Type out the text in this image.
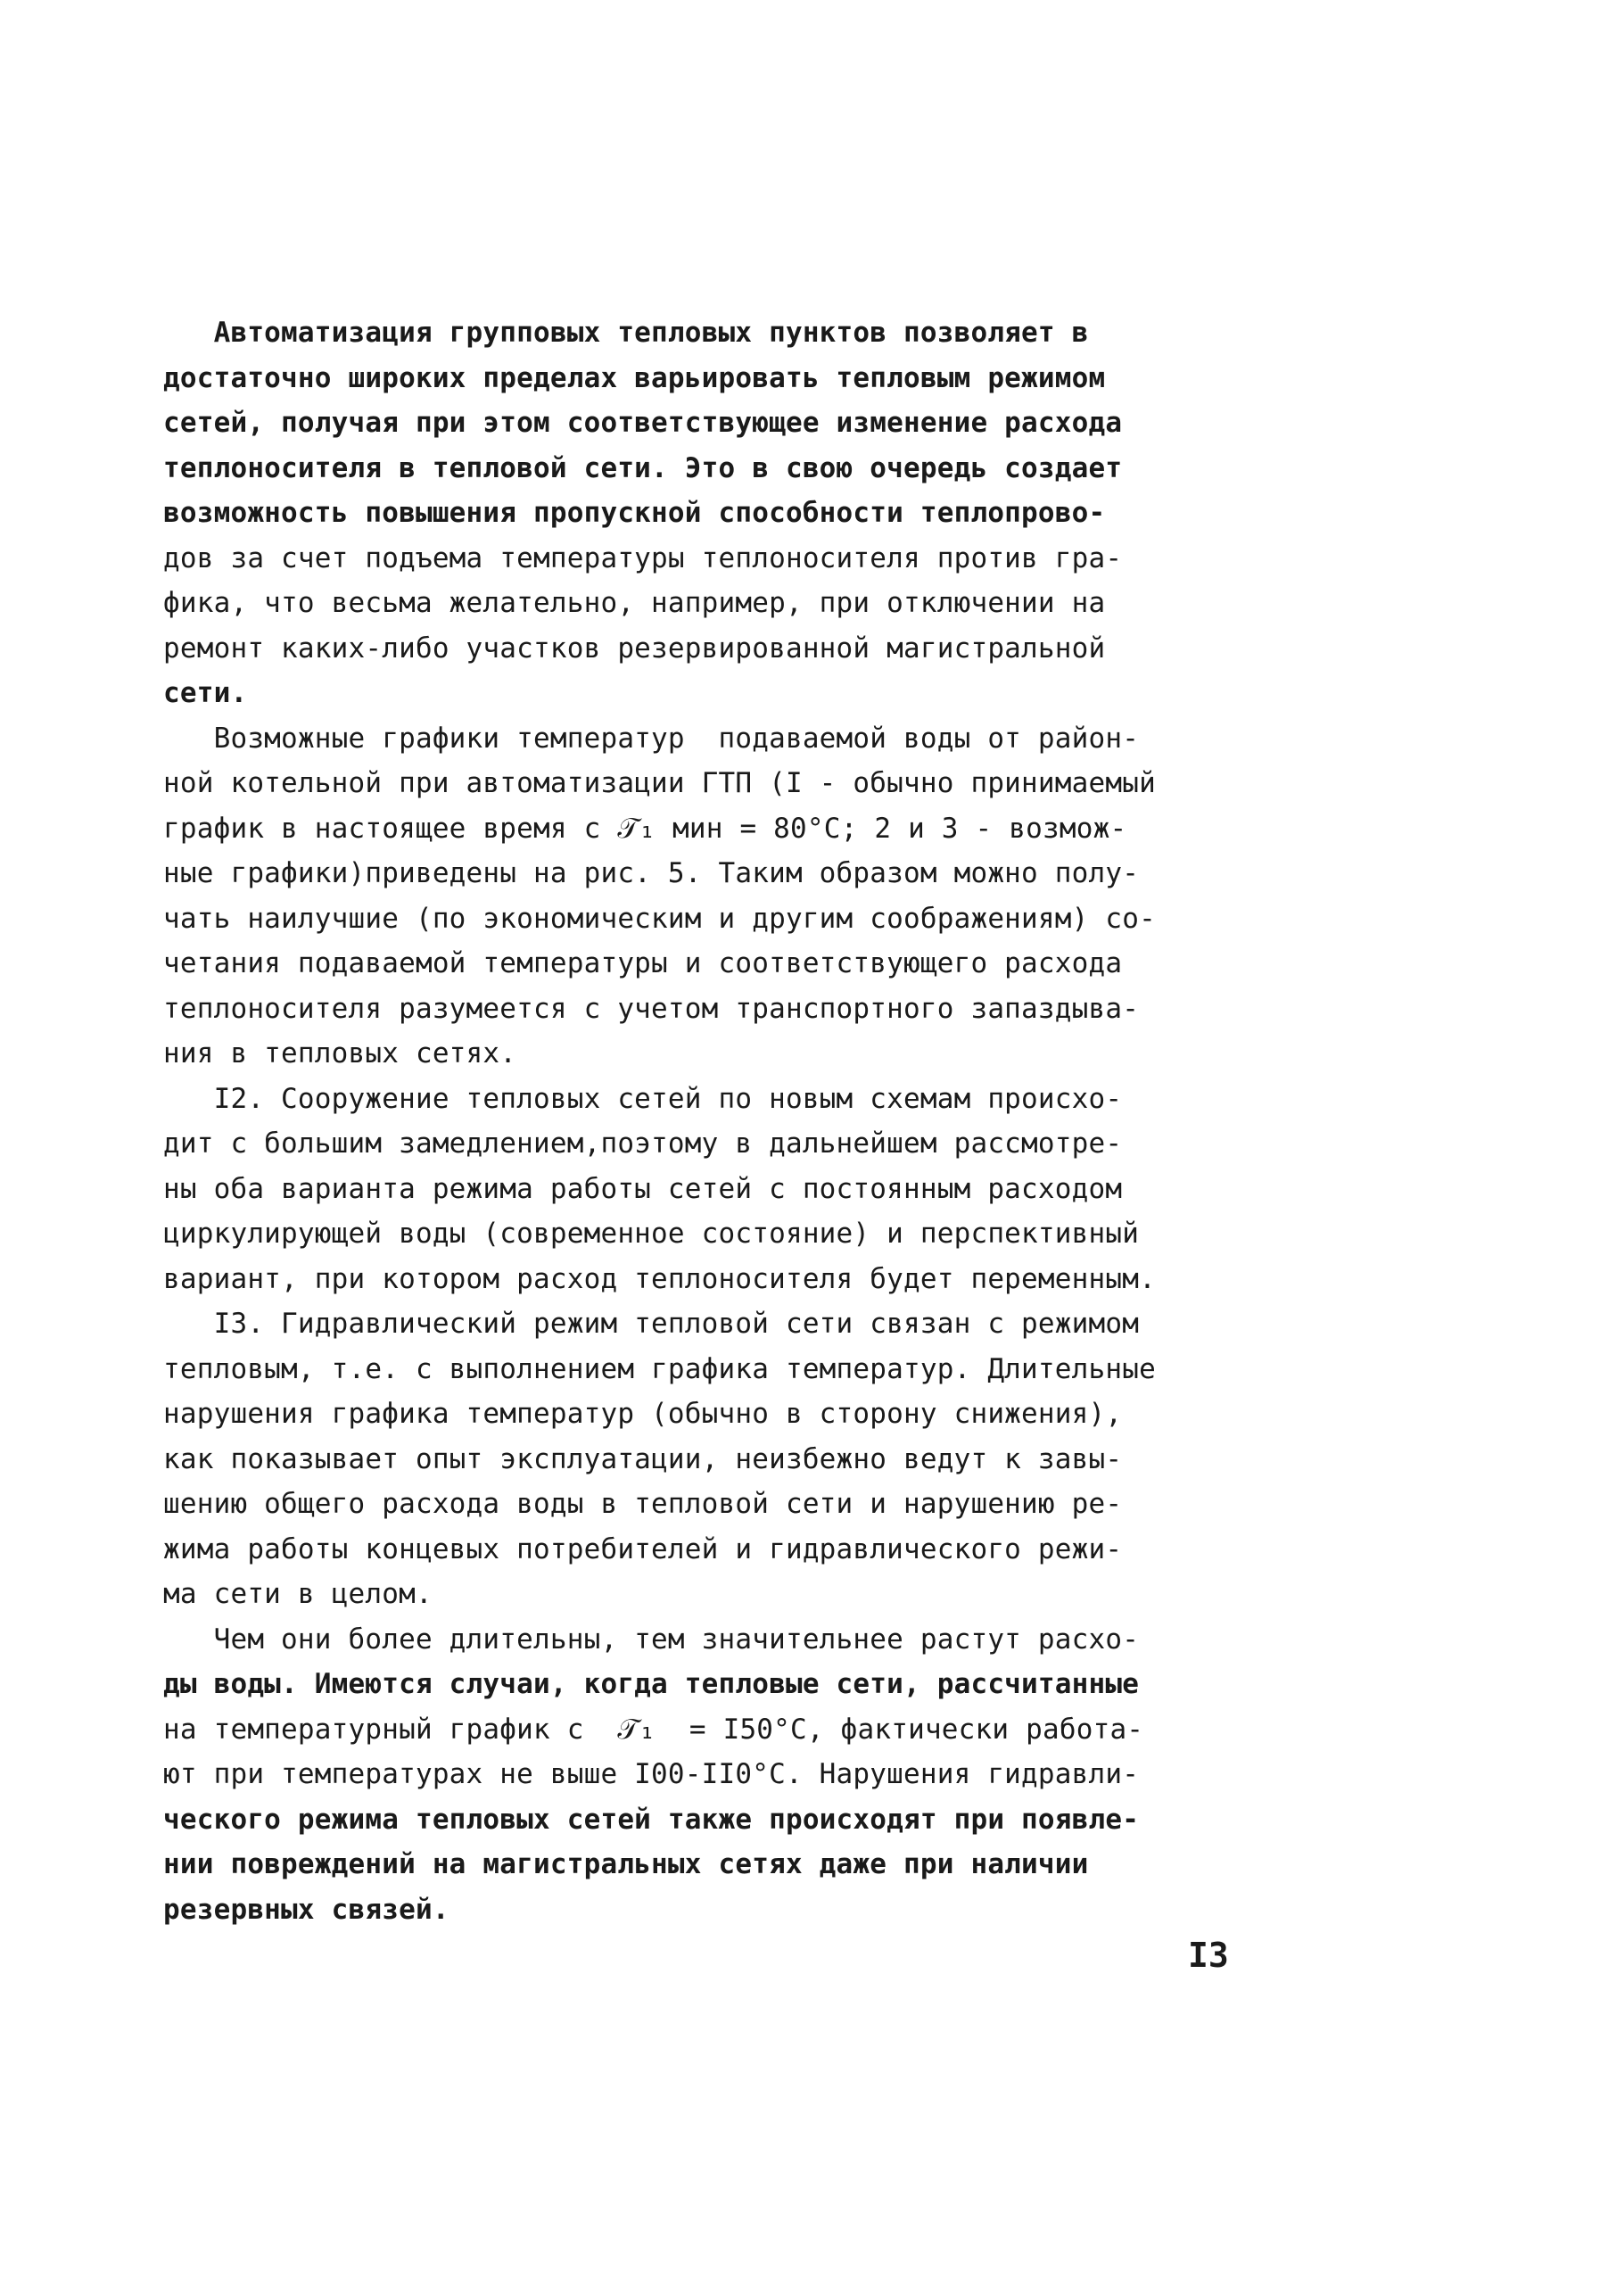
Автоматизация групповых тепловых пунктов позволяет в
достаточно широких пределах варьировать тепловым режимом
сетей, получая при этом соответствующее изменение расхода
теплоносителя в тепловой сети. Это в свою очередь создает
возможность повышения пропускной способности теплопрово-
дов за счет подъема температуры теплоносителя против гра-
фика, что весьма желательно, например, при отключении на
ремонт каких-либо участков резервированной магистральной
сети.
Возможные графики температур  подаваемой воды от район-
ной котельной при автоматизации ГТП (I - обычно принимаемый
график в настоящее время с 𝒯₁ мин = 80°С; 2 и 3 - возмож-
ные графики)приведены на рис. 5. Таким образом можно полу-
чать наилучшие (по экономическим и другим соображениям) со-
четания подаваемой температуры и соответствующего расхода
теплоносителя разумеется с учетом транспортного запаздыва-
ния в тепловых сетях.
I2. Сооружение тепловых сетей по новым схемам происхо-
дит с большим замедлением,поэтому в дальнейшем рассмотре-
ны оба варианта режима работы сетей с постоянным расходом
циркулирующей воды (современное состояние) и перспективный
вариант, при котором расход теплоносителя будет переменным.
I3. Гидравлический режим тепловой сети связан с режимом
тепловым, т.е. с выполнением графика температур. Длительные
нарушения графика температур (обычно в сторону снижения),
как показывает опыт эксплуатации, неизбежно ведут к завы-
шению общего расхода воды в тепловой сети и нарушению ре-
жима работы концевых потребителей и гидравлического режи-
ма сети в целом.
Чем они более длительны, тем значительнее растут расхо-
ды воды. Имеются случаи, когда тепловые сети, рассчитанные
на температурный график с  𝒯₁  = I50°С, фактически работа-
ют при температурах не выше I00-II0°С. Нарушения гидравли-
ческого режима тепловых сетей также происходят при появле-
нии повреждений на магистральных сетях даже при наличии
резервных связей.
I3
